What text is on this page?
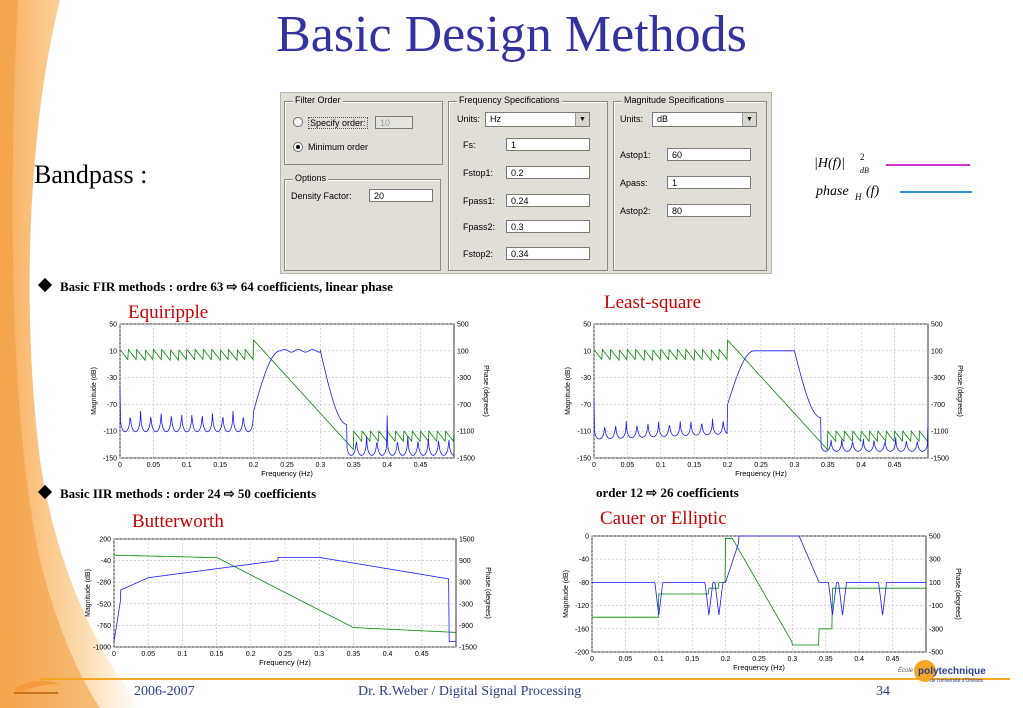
Basic Design Methods
Bandpass :
Filter Order
Specify order:	10
Minimum order
Options
Density Factor:	20
Frequency Specifications
Units:	Hz	▼
Fs:	1
Fstop1:	0.2
Fpass1:	0.24
Fpass2:	0.3
Fstop2:	0.34
Magnitude Specifications
Units:	dB	▼
Astop1:	60
Apass:	1
Astop2:	80
|H(f)| 2
dB
phase H (f)
Basic FIR methods : ordre 63 ⇨ 64 coefficients, linear phase
Equiripple	Least-square
Basic IIR methods : order 24 ⇨ 50 coefficients	order 12 ⇨ 26 coefficients
Butterworth	Cauer or Elliptic
0	0.05	0.1	0.15	0.2	0.25	0.3	0.35	0.4	0.45
50	500
10	100
-30	-300
-70	-700
-110	-1100
-150	-1500
Frequency (Hz)
Magnitude (dB)	Phase (degrees)
0	0.05	0.1	0.15	0.2	0.25	0.3	0.35	0.4	0.45
50	500
10	100
-30	-300
-70	-700
-110	-1100
-150	-1500
Frequency (Hz)
Magnitude (dB)	Phase (degrees)
0	0.05	0.1	0.15	0.2	0.25	0.3	0.35	0.4	0.45
200	1500
-40	900
-280	300
-520	-300
-760	-900
-1000	-1500
Frequency (Hz)
Magnitude (dB)	Phase (degrees)
0	0.05	0.1	0.15	0.2	0.25	0.3	0.35	0.4	0.45
0	500
-40	300
-80	100
-120	-100
-160	-300
-200	-500
Frequency (Hz)
Magnitude (dB)	Phase (degrees)
2006-2007	Dr. R.Weber / Digital Signal Processing	34
École polytechnique
de l'université d'Orléans
